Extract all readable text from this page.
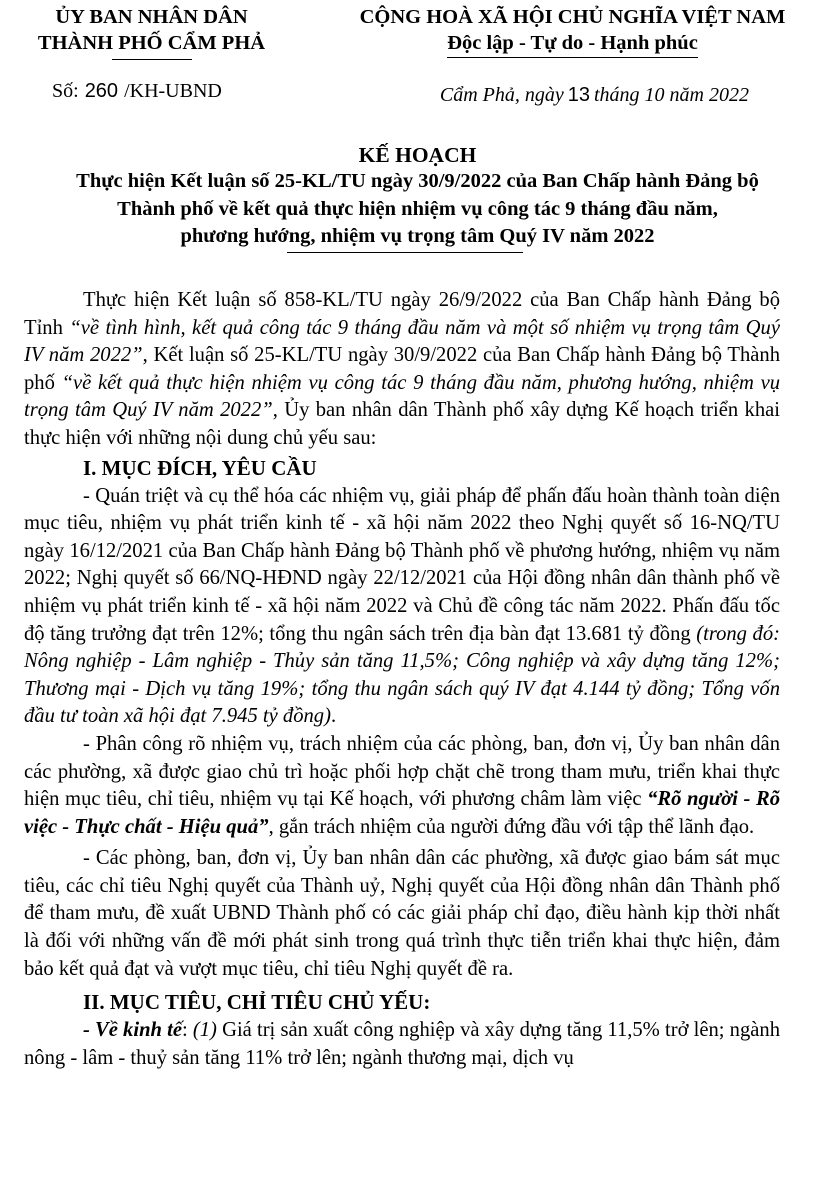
ỦY BAN NHÂN DÂN
THÀNH PHỐ CẨM PHẢ
CỘNG HOÀ XÃ HỘI CHỦ NGHĨA VIỆT NAM
Độc lập - Tự do - Hạnh phúc
Số: 260 /KH-UBND	Cẩm Phả, ngày 13 tháng 10 năm 2022
KẾ HOẠCH
Thực hiện Kết luận số 25-KL/TU ngày 30/9/2022 của Ban Chấp hành Đảng bộ
Thành phố về kết quả thực hiện nhiệm vụ công tác 9 tháng đầu năm,
phương hướng, nhiệm vụ trọng tâm Quý IV năm 2022

Thực hiện Kết luận số 858-KL/TU ngày 26/9/2022 của Ban Chấp hành Đảng bộ Tỉnh “về tình hình, kết quả công tác 9 tháng đầu năm và một số nhiệm vụ trọng tâm Quý IV năm 2022”, Kết luận số 25-KL/TU ngày 30/9/2022 của Ban Chấp hành Đảng bộ Thành phố “về kết quả thực hiện nhiệm vụ công tác 9 tháng đầu năm, phương hướng, nhiệm vụ trọng tâm Quý IV năm 2022”, Ủy ban nhân dân Thành phố xây dựng Kế hoạch triển khai thực hiện với những nội dung chủ yếu sau:

I. MỤC ĐÍCH, YÊU CẦU

- Quán triệt và cụ thể hóa các nhiệm vụ, giải pháp để phấn đấu hoàn thành toàn diện mục tiêu, nhiệm vụ phát triển kinh tế - xã hội năm 2022 theo Nghị quyết số 16-NQ/TU ngày 16/12/2021 của Ban Chấp hành Đảng bộ Thành phố về phương hướng, nhiệm vụ năm 2022; Nghị quyết số 66/NQ-HĐND ngày 22/12/2021 của Hội đồng nhân dân thành phố về nhiệm vụ phát triển kinh tế - xã hội năm 2022 và Chủ đề công tác năm 2022. Phấn đấu tốc độ tăng trưởng đạt trên 12%; tổng thu ngân sách trên địa bàn đạt 13.681 tỷ đồng (trong đó: Nông nghiệp - Lâm nghiệp - Thủy sản tăng 11,5%; Công nghiệp và xây dựng tăng 12%; Thương mại - Dịch vụ tăng 19%; tổng thu ngân sách quý IV đạt 4.144 tỷ đồng; Tổng vốn đầu tư toàn xã hội đạt 7.945 tỷ đồng).

- Phân công rõ nhiệm vụ, trách nhiệm của các phòng, ban, đơn vị, Ủy ban nhân dân các phường, xã được giao chủ trì hoặc phối hợp chặt chẽ trong tham mưu, triển khai thực hiện mục tiêu, chỉ tiêu, nhiệm vụ tại Kế hoạch, với phương châm làm việc “Rõ người - Rõ việc - Thực chất - Hiệu quả”, gắn trách nhiệm của người đứng đầu với tập thể lãnh đạo.

- Các phòng, ban, đơn vị, Ủy ban nhân dân các phường, xã được giao bám sát mục tiêu, các chỉ tiêu Nghị quyết của Thành uỷ, Nghị quyết của Hội đồng nhân dân Thành phố để tham mưu, đề xuất UBND Thành phố có các giải pháp chỉ đạo, điều hành kịp thời nhất là đối với những vấn đề mới phát sinh trong quá trình thực tiễn triển khai thực hiện, đảm bảo kết quả đạt và vượt mục tiêu, chỉ tiêu Nghị quyết đề ra.

II. MỤC TIÊU, CHỈ TIÊU CHỦ YẾU:

- Về kinh tế: (1) Giá trị sản xuất công nghiệp và xây dựng tăng 11,5% trở lên; ngành nông - lâm - thuỷ sản tăng 11% trở lên; ngành thương mại, dịch vụ
